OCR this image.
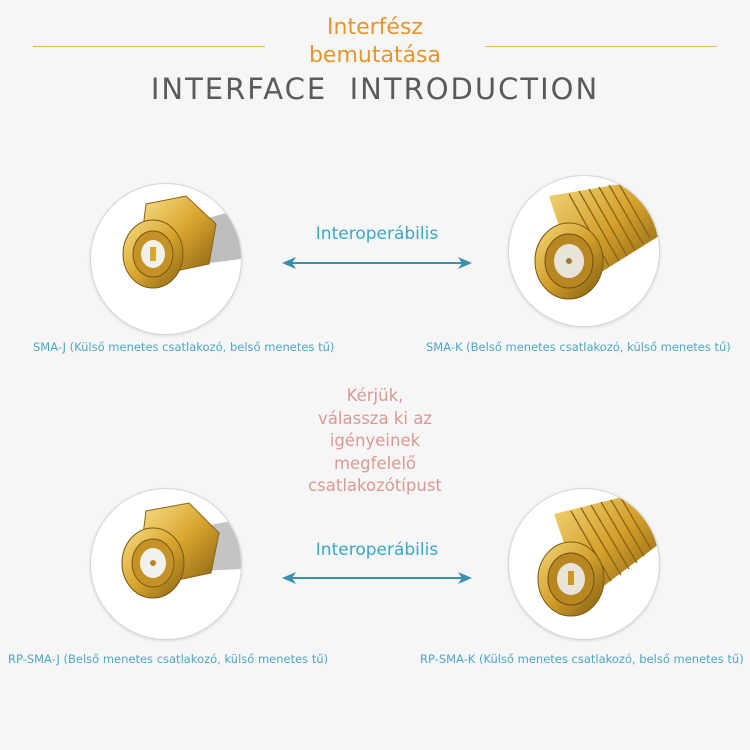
Interfész
bemutatása
INTERFACE  INTRODUCTION
Interoperábilis
SMA-J (Külső menetes csatlakozó, belső menetes tű)	SMA-K (Belső menetes csatlakozó, külső menetes tű)
Kérjük,
válassza ki az
igényeinek
megfelelő
csatlakozótípust
Interoperábilis
RP-SMA-J (Belső menetes csatlakozó, külső menetes tű)	RP-SMA-K (Külső menetes csatlakozó, belső menetes tű)
